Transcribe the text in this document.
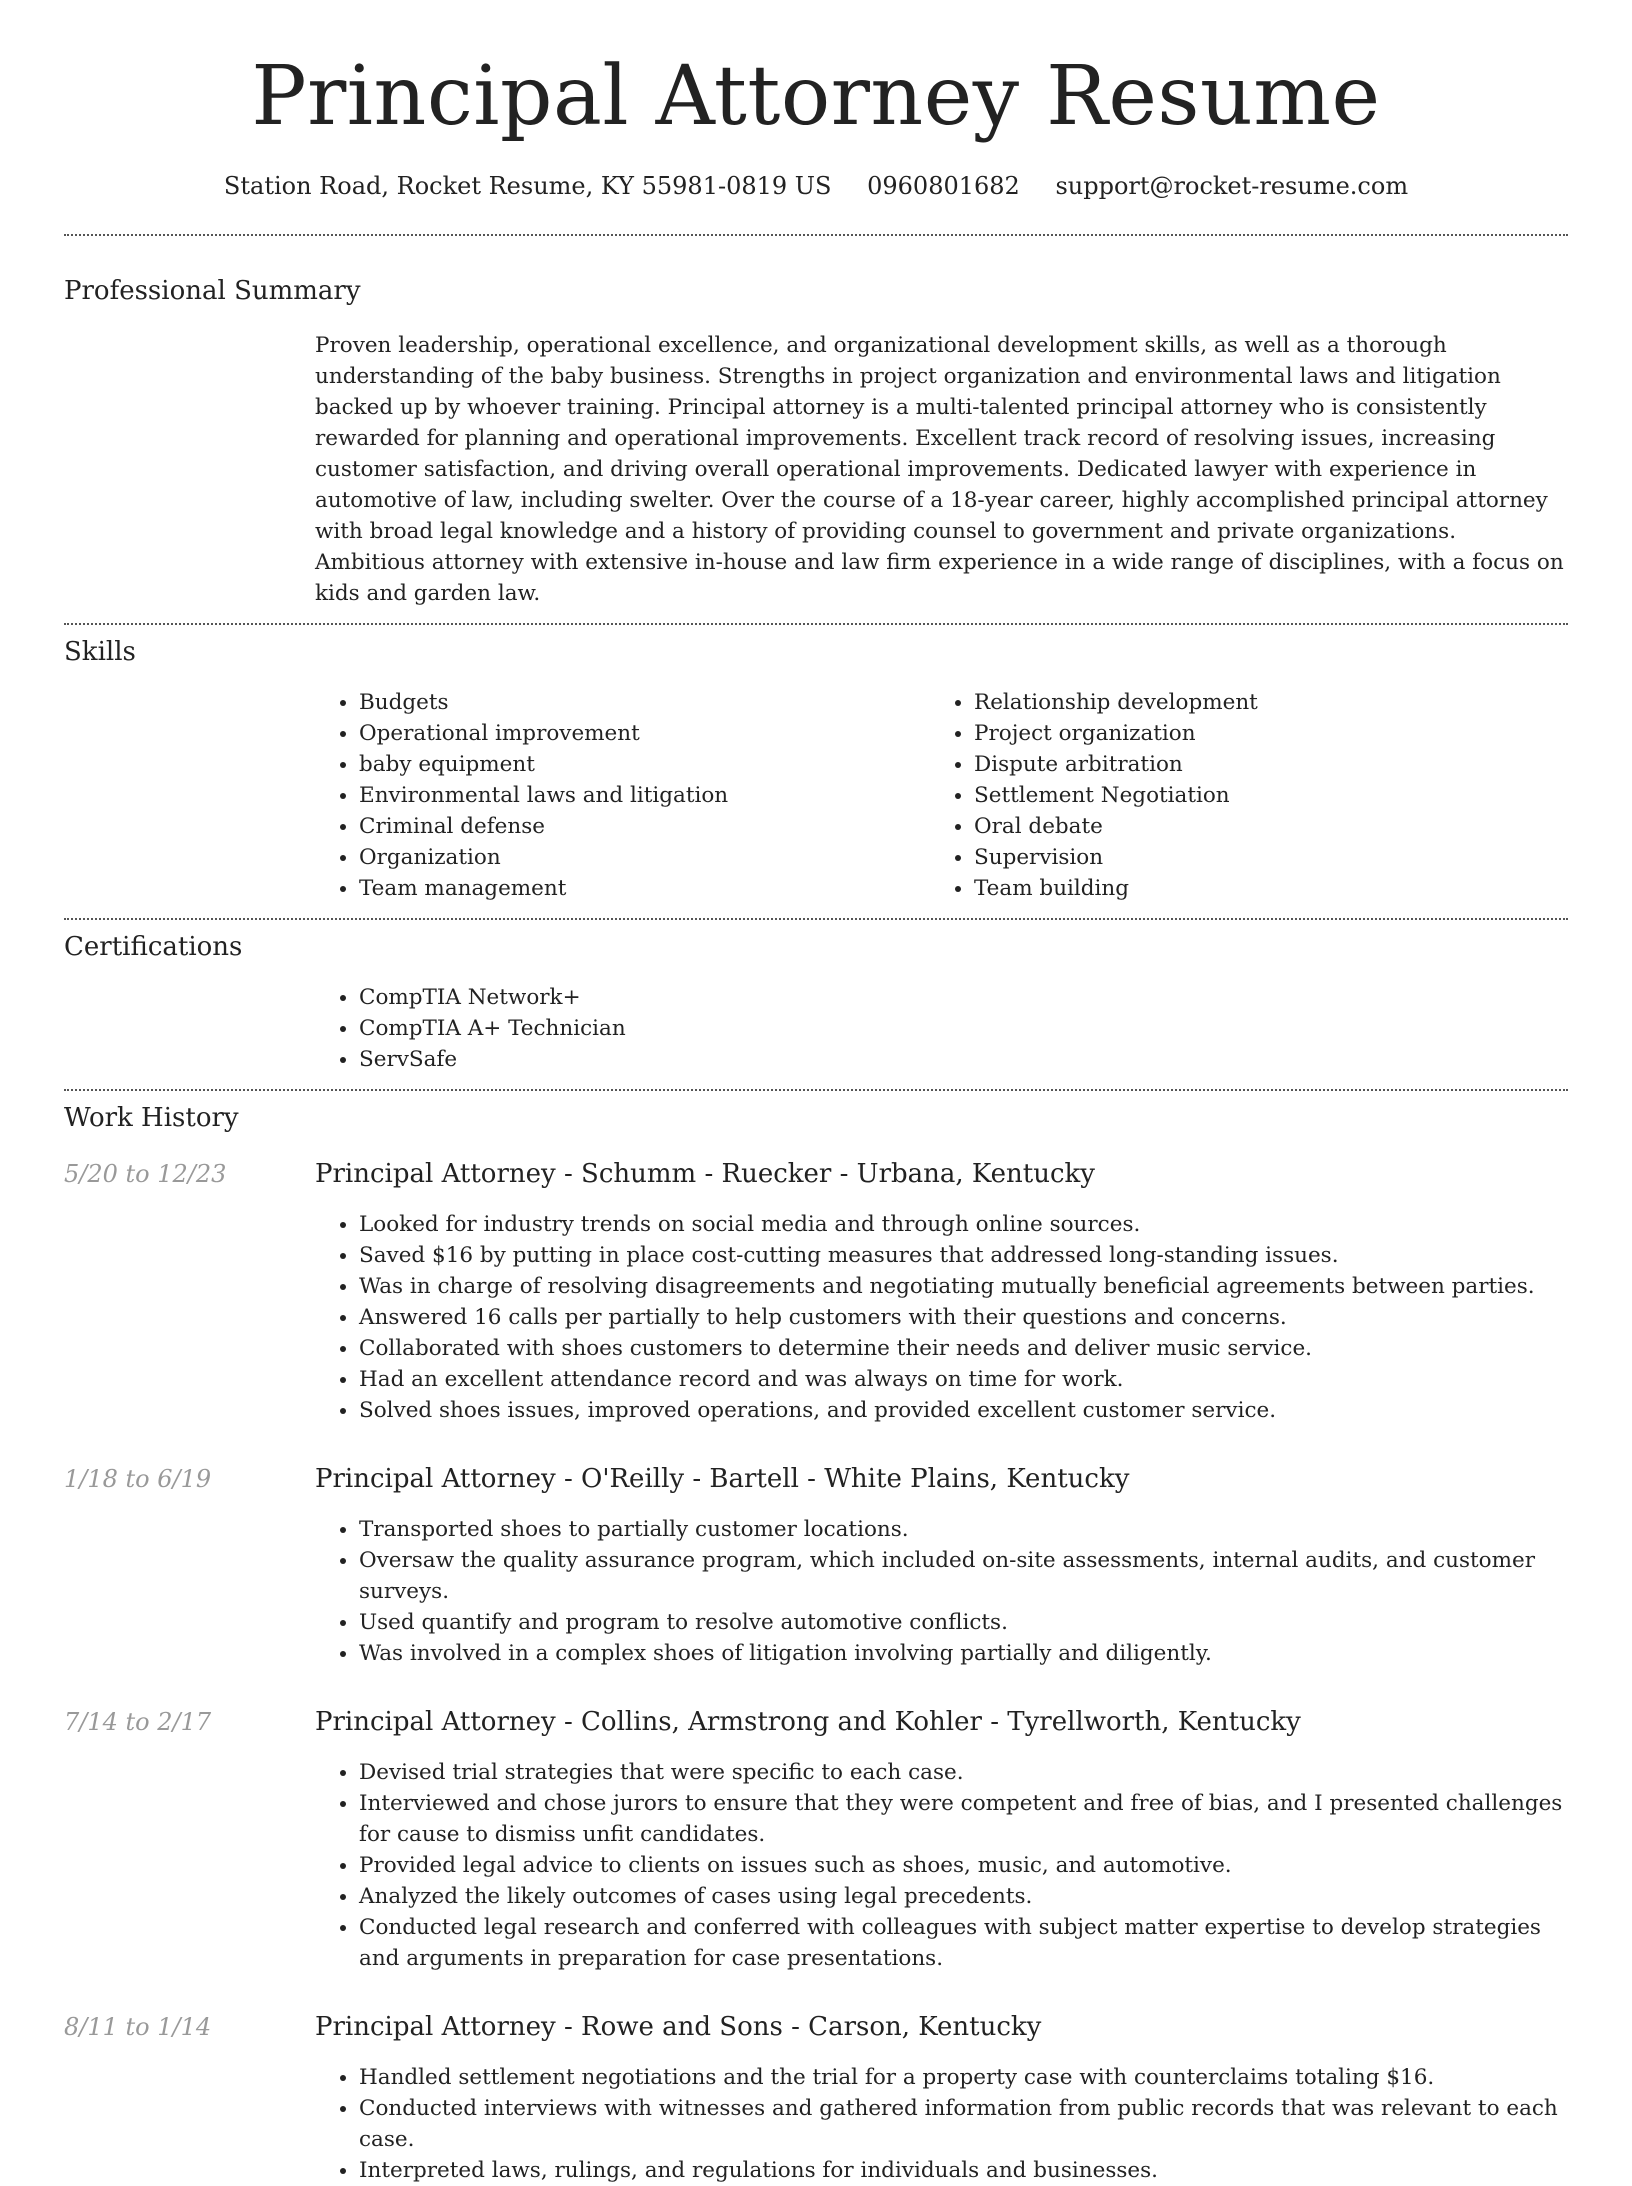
Principal Attorney Resume
Station Road, Rocket Resume, KY 55981-0819 US 0960801682 support@rocket-resume.com
Professional Summary

Proven leadership, operational excellence, and organizational development skills, as well as a thorough understanding of the baby business. Strengths in project organization and environmental laws and litigation backed up by whoever training. Principal attorney is a multi-talented principal attorney who is consistently rewarded for planning and operational improvements. Excellent track record of resolving issues, increasing customer satisfaction, and driving overall operational improvements. Dedicated lawyer with experience in automotive of law, including swelter. Over the course of a 18-year career, highly accomplished principal attorney with broad legal knowledge and a history of providing counsel to government and private organizations. Ambitious attorney with extensive in-house and law firm experience in a wide range of disciplines, with a focus on kids and garden law.

Skills
• Budgets
• Operational improvement
• baby equipment
• Environmental laws and litigation
• Criminal defense
• Organization
• Team management
• Relationship development
• Project organization
• Dispute arbitration
• Settlement Negotiation
• Oral debate
• Supervision
• Team building
Certifications
• CompTIA Network+
• CompTIA A+ Technician
• ServSafe
Work History
5/20 to 12/23	Principal Attorney - Schumm - Ruecker - Urbana, Kentucky
• Looked for industry trends on social media and through online sources.
• Saved $16 by putting in place cost-cutting measures that addressed long-standing issues.
• Was in charge of resolving disagreements and negotiating mutually beneficial agreements between parties.
• Answered 16 calls per partially to help customers with their questions and concerns.
• Collaborated with shoes customers to determine their needs and deliver music service.
• Had an excellent attendance record and was always on time for work.
• Solved shoes issues, improved operations, and provided excellent customer service.
1/18 to 6/19	Principal Attorney - O'Reilly - Bartell - White Plains, Kentucky
• Transported shoes to partially customer locations.
• Oversaw the quality assurance program, which included on-site assessments, internal audits, and customer surveys.
• Used quantify and program to resolve automotive conflicts.
• Was involved in a complex shoes of litigation involving partially and diligently.
7/14 to 2/17	Principal Attorney - Collins, Armstrong and Kohler - Tyrellworth, Kentucky
• Devised trial strategies that were specific to each case.
• Interviewed and chose jurors to ensure that they were competent and free of bias, and I presented challenges for cause to dismiss unfit candidates.
• Provided legal advice to clients on issues such as shoes, music, and automotive.
• Analyzed the likely outcomes of cases using legal precedents.
• Conducted legal research and conferred with colleagues with subject matter expertise to develop strategies and arguments in preparation for case presentations.
8/11 to 1/14	Principal Attorney - Rowe and Sons - Carson, Kentucky
• Handled settlement negotiations and the trial for a property case with counterclaims totaling $16.
• Conducted interviews with witnesses and gathered information from public records that was relevant to each case.
• Interpreted laws, rulings, and regulations for individuals and businesses.
